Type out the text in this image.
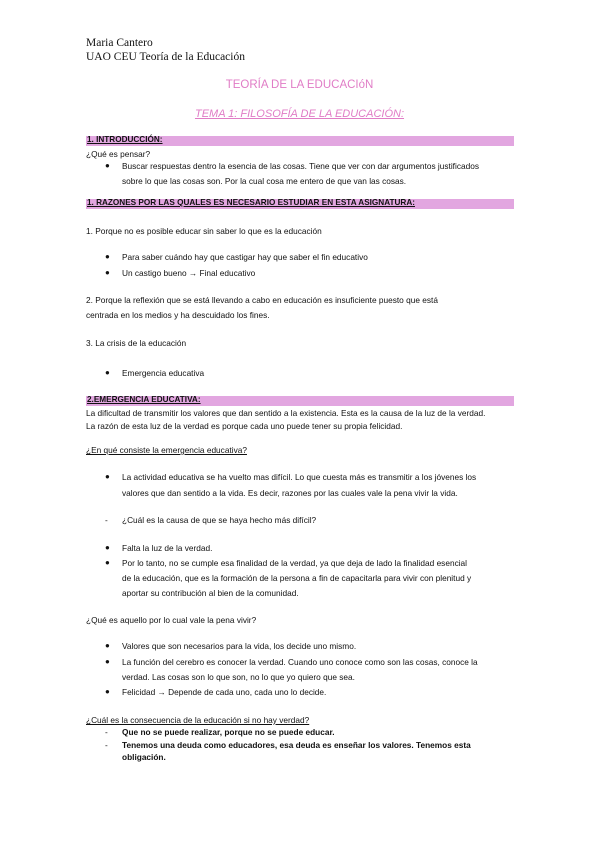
Maria Cantero
UAO CEU Teoría de la Educación
TEORÍA DE LA EDUCACIóN
TEMA 1: FILOSOFÍA DE LA EDUCACIÓN:
1. INTRODUCCIÓN:
¿Qué es pensar?
● Buscar respuestas dentro la esencia de las cosas. Tiene que ver con dar argumentos justificados
sobre lo que las cosas son. Por la cual cosa me entero de que van las cosas.
1. RAZONES POR LAS QUALES ES NECESARIO ESTUDIAR EN ESTA ASIGNATURA:
1. Porque no es posible educar sin saber lo que es la educación
● Para saber cuándo hay que castigar hay que saber el fin educativo
● Un castigo bueno → Final educativo
2. Porque la reflexión que se está llevando a cabo en educación es insuficiente puesto que está
centrada en los medios y ha descuidado los fines.
3. La crisis de la educación
● Emergencia educativa
2.EMERGENCIA EDUCATIVA:
La dificultad de transmitir los valores que dan sentido a la existencia. Esta es la causa de la luz de la verdad.
La razón de esta luz de la verdad es porque cada uno puede tener su propia felicidad.
¿En qué consiste la emergencia educativa?
● La actividad educativa se ha vuelto mas difícil. Lo que cuesta más es transmitir a los jóvenes los
valores que dan sentido a la vida. Es decir, razones por las cuales vale la pena vivir la vida.
- ¿Cuál es la causa de que se haya hecho más difícil?
● Falta la luz de la verdad.
● Por lo tanto, no se cumple esa finalidad de la verdad, ya que deja de lado la finalidad esencial
de la educación, que es la formación de la persona a fin de capacitarla para vivir con plenitud y
aportar su contribución al bien de la comunidad.
¿Qué es aquello por lo cual vale la pena vivir?
● Valores que son necesarios para la vida, los decide uno mismo.
● La función del cerebro es conocer la verdad. Cuando uno conoce como son las cosas, conoce la
verdad. Las cosas son lo que son, no lo que yo quiero que sea.
● Felicidad → Depende de cada uno, cada uno lo decide.
¿Cuál es la consecuencia de la educación si no hay verdad?
- Que no se puede realizar, porque no se puede educar.
- Tenemos una deuda como educadores, esa deuda es enseñar los valores. Tenemos esta
obligación.
